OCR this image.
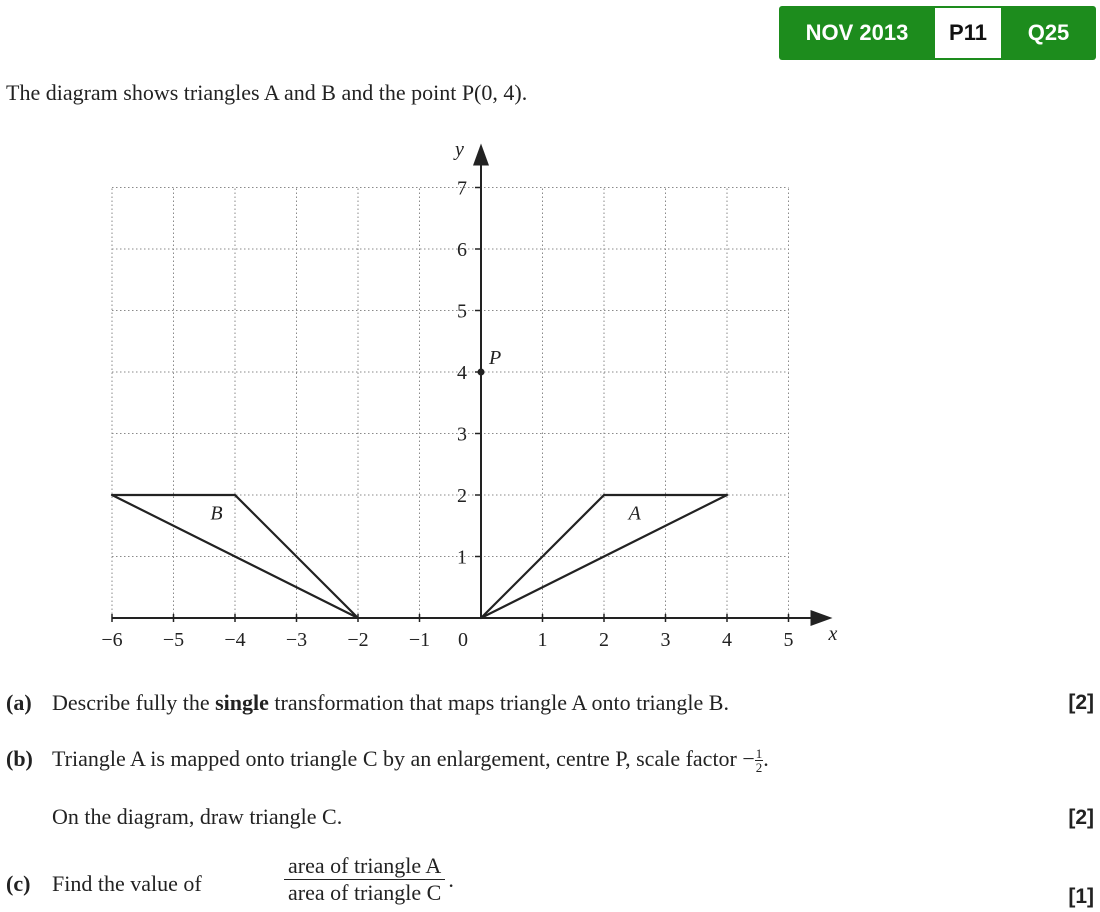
NOV 2013	P11	Q25
The diagram shows triangles A and B and the point P(0, 4).
x
y
−6 −5 −4 −3 −2 −1 0	1	2	3	4	5
1
2
3
4
5
6
7
A
B
P
(a) Describe fully the single transformation that maps triangle A onto triangle B.	[2]
(b) Triangle A is mapped onto triangle C by an enlargement, centre P, scale factor − $\frac{1}{2}$ .
On the diagram, draw triangle C.	[2]
(c) Find the value of	$\frac{\text{area of triangle A}}{\text{area of triangle C}}$ .
[1]
